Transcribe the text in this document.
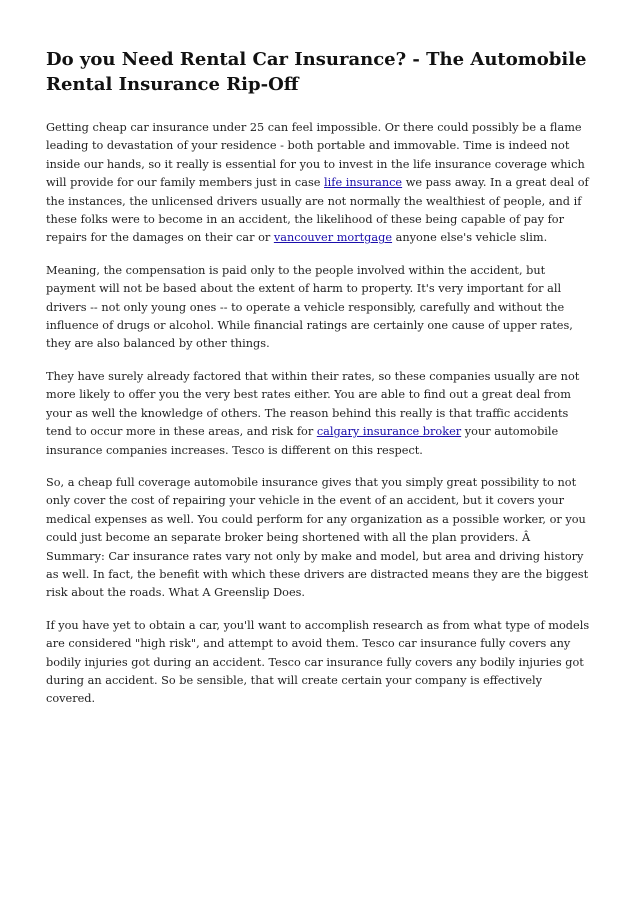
Do you Need Rental Car Insurance? - The Automobile Rental Insurance Rip-Off

Getting cheap car insurance under 25 can feel impossible. Or there could possibly be a flame leading to devastation of your residence - both portable and immovable. Time is indeed not inside our hands, so it really is essential for you to invest in the life insurance coverage which will provide for our family members just in case life insurance we pass away. In a great deal of the instances, the unlicensed drivers usually are not normally the wealthiest of people, and if these folks were to become in an accident, the likelihood of these being capable of pay for repairs for the damages on their car or vancouver mortgage anyone else's vehicle slim.

Meaning, the compensation is paid only to the people involved within the accident, but payment will not be based about the extent of harm to property. It's very important for all drivers -- not only young ones -- to operate a vehicle responsibly, carefully and without the influence of drugs or alcohol. While financial ratings are certainly one cause of upper rates, they are also balanced by other things.

They have surely already factored that within their rates, so these companies usually are not more likely to offer you the very best rates either. You are able to find out a great deal from your as well the knowledge of others. The reason behind this really is that traffic accidents tend to occur more in these areas, and risk for calgary insurance broker your automobile insurance companies increases. Tesco is different on this respect.

So, a cheap full coverage automobile insurance gives that you simply great possibility to not only cover the cost of repairing your vehicle in the event of an accident, but it covers your medical expenses as well. You could perform for any organization as a possible worker, or you could just become an separate broker being shortened with all the plan providers. Â Summary: Car insurance rates vary not only by make and model, but area and driving history as well. In fact, the benefit with which these drivers are distracted means they are the biggest risk about the roads. What A Greenslip Does.

If you have yet to obtain a car, you'll want to accomplish research as from what type of models are considered "high risk", and attempt to avoid them. Tesco car insurance fully covers any bodily injuries got during an accident. Tesco car insurance fully covers any bodily injuries got during an accident. So be sensible, that will create certain your company is effectively covered.
